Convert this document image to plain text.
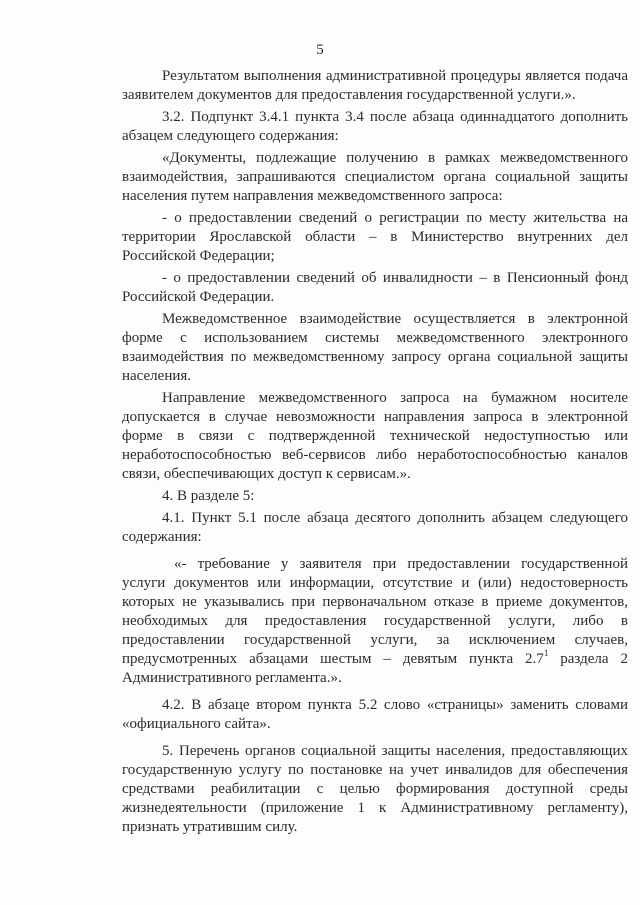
5

Результатом выполнения административной процедуры является подача заявителем документов для предоставления государственной услуги.».

3.2. Подпункт 3.4.1 пункта 3.4 после абзаца одиннадцатого дополнить абзацем следующего содержания:

«Документы, подлежащие получению в рамках межведомственного взаимодействия, запрашиваются специалистом органа социальной защиты населения путем направления межведомственного запроса:

- о предоставлении сведений о регистрации по месту жительства на территории Ярославской области – в Министерство внутренних дел Российской Федерации;

- о предоставлении сведений об инвалидности – в Пенсионный фонд Российской Федерации.

Межведомственное взаимодействие осуществляется в электронной форме с использованием системы межведомственного электронного взаимодействия по межведомственному запросу органа социальной защиты населения.

Направление межведомственного запроса на бумажном носителе допускается в случае невозможности направления запроса в электронной форме в связи с подтвержденной технической недоступностью или неработоспособностью веб-сервисов либо неработоспособностью каналов связи, обеспечивающих доступ к сервисам.».

4. В разделе 5:

4.1. Пункт 5.1 после абзаца десятого дополнить абзацем следующего содержания:

«- требование у заявителя при предоставлении государственной услуги документов или информации, отсутствие и (или) недостоверность которых не указывались при первоначальном отказе в приеме документов, необходимых для предоставления государственной услуги, либо в предоставлении государственной услуги, за исключением случаев, предусмотренных абзацами шестым – девятым пункта $2.7^1$ раздела 2 Административного регламента.».

4.2. В абзаце втором пункта 5.2 слово «страницы» заменить словами «официального сайта».

5. Перечень органов социальной защиты населения, предоставляющих государственную услугу по постановке на учет инвалидов для обеспечения средствами реабилитации с целью формирования доступной среды жизнедеятельности (приложение 1 к Административному регламенту), признать утратившим силу.
